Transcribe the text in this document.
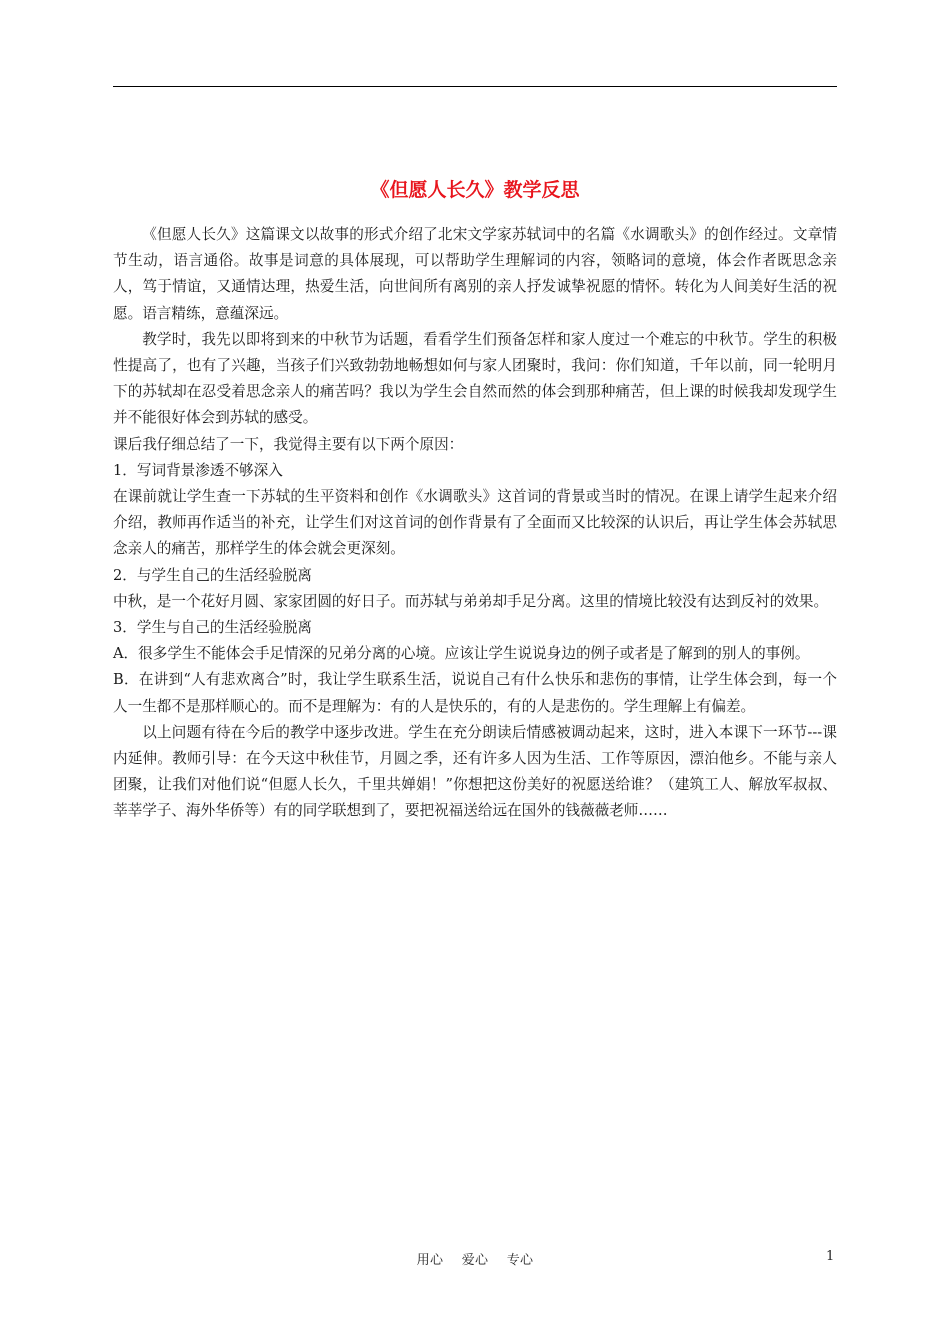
《但愿人长久》教学反思

《但愿人长久》这篇课文以故事的形式介绍了北宋文学家苏轼词中的名篇《水调歌头》的创作经过。文章情节生动，语言通俗。故事是词意的具体展现，可以帮助学生理解词的内容，领略词的意境，体会作者既思念亲人，笃于情谊，又通情达理，热爱生活，向世间所有离别的亲人抒发诚挚祝愿的情怀。转化为人间美好生活的祝愿。语言精练，意蕴深远。

教学时，我先以即将到来的中秋节为话题，看看学生们预备怎样和家人度过一个难忘的中秋节。学生的积极性提高了，也有了兴趣，当孩子们兴致勃勃地畅想如何与家人团聚时，我问：你们知道，千年以前，同一轮明月下的苏轼却在忍受着思念亲人的痛苦吗？我以为学生会自然而然的体会到那种痛苦，但上课的时候我却发现学生并不能很好体会到苏轼的感受。

课后我仔细总结了一下，我觉得主要有以下两个原因：

1．写词背景渗透不够深入

在课前就让学生查一下苏轼的生平资料和创作《水调歌头》这首词的背景或当时的情况。在课上请学生起来介绍介绍，教师再作适当的补充，让学生们对这首词的创作背景有了全面而又比较深的认识后，再让学生体会苏轼思念亲人的痛苦，那样学生的体会就会更深刻。

2．与学生自己的生活经验脱离

中秋，是一个花好月圆、家家团圆的好日子。而苏轼与弟弟却手足分离。这里的情境比较没有达到反衬的效果。

3．学生与自己的生活经验脱离

A．很多学生不能体会手足情深的兄弟分离的心境。应该让学生说说身边的例子或者是了解到的别人的事例。

B．在讲到“人有悲欢离合”时，我让学生联系生活，说说自己有什么快乐和悲伤的事情，让学生体会到，每一个人一生都不是那样顺心的。而不是理解为：有的人是快乐的，有的人是悲伤的。学生理解上有偏差。

以上问题有待在今后的教学中逐步改进。学生在充分朗读后情感被调动起来，这时，进入本课下一环节---课内延伸。教师引导：在今天这中秋佳节，月圆之季，还有许多人因为生活、工作等原因，漂泊他乡。不能与亲人团聚，让我们对他们说“但愿人长久，千里共婵娟！”你想把这份美好的祝愿送给谁？（建筑工人、解放军叔叔、莘莘学子、海外华侨等）有的同学联想到了，要把祝福送给远在国外的钱薇薇老师……

用心 爱心 专心	1
